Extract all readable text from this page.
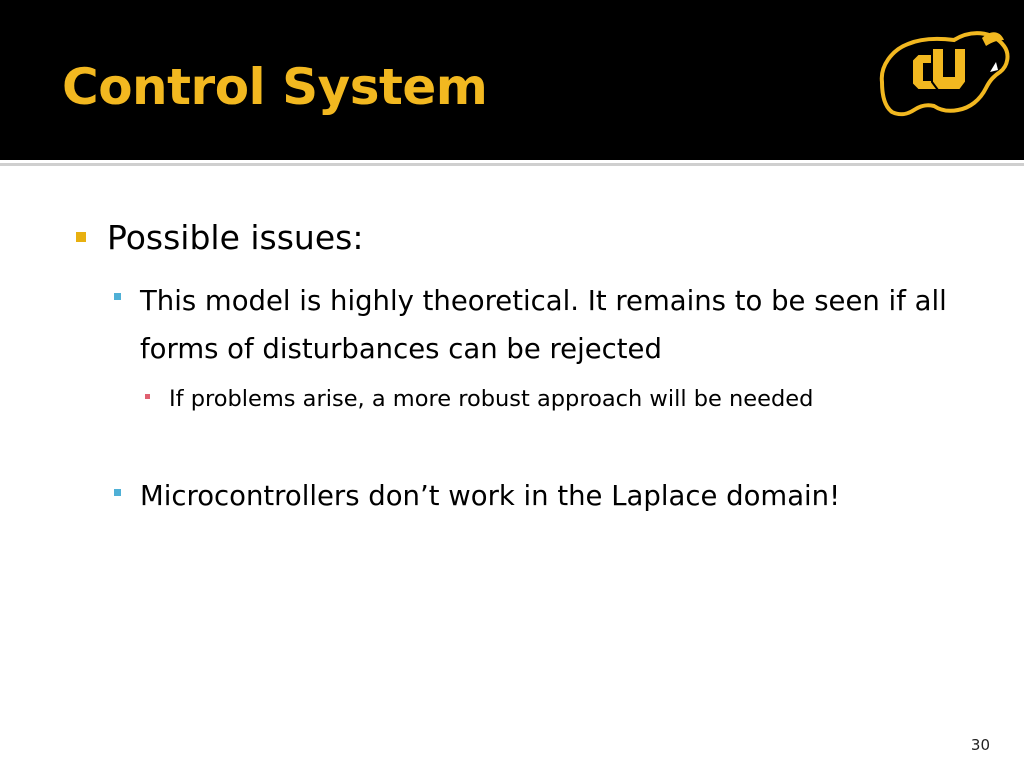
Control System
Possible issues:
This model is highly theoretical. It remains to be seen if all forms of disturbances can be rejected
If problems arise, a more robust approach will be needed
Microcontrollers don’t work in the Laplace domain!
30
